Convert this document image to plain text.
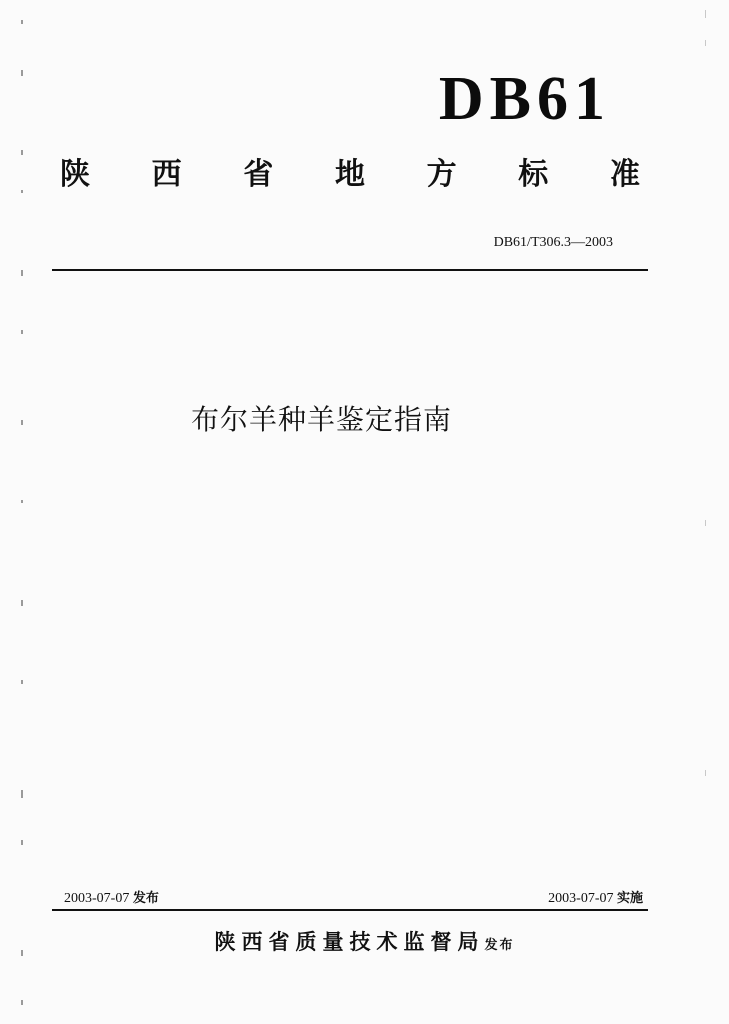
DB61
陕 西 省 地 方 标 准
DB61/T306.3—2003
布尔羊种羊鉴定指南
2003-07-07 发布	2003-07-07 实施
陕西省质量技术监督局发布
